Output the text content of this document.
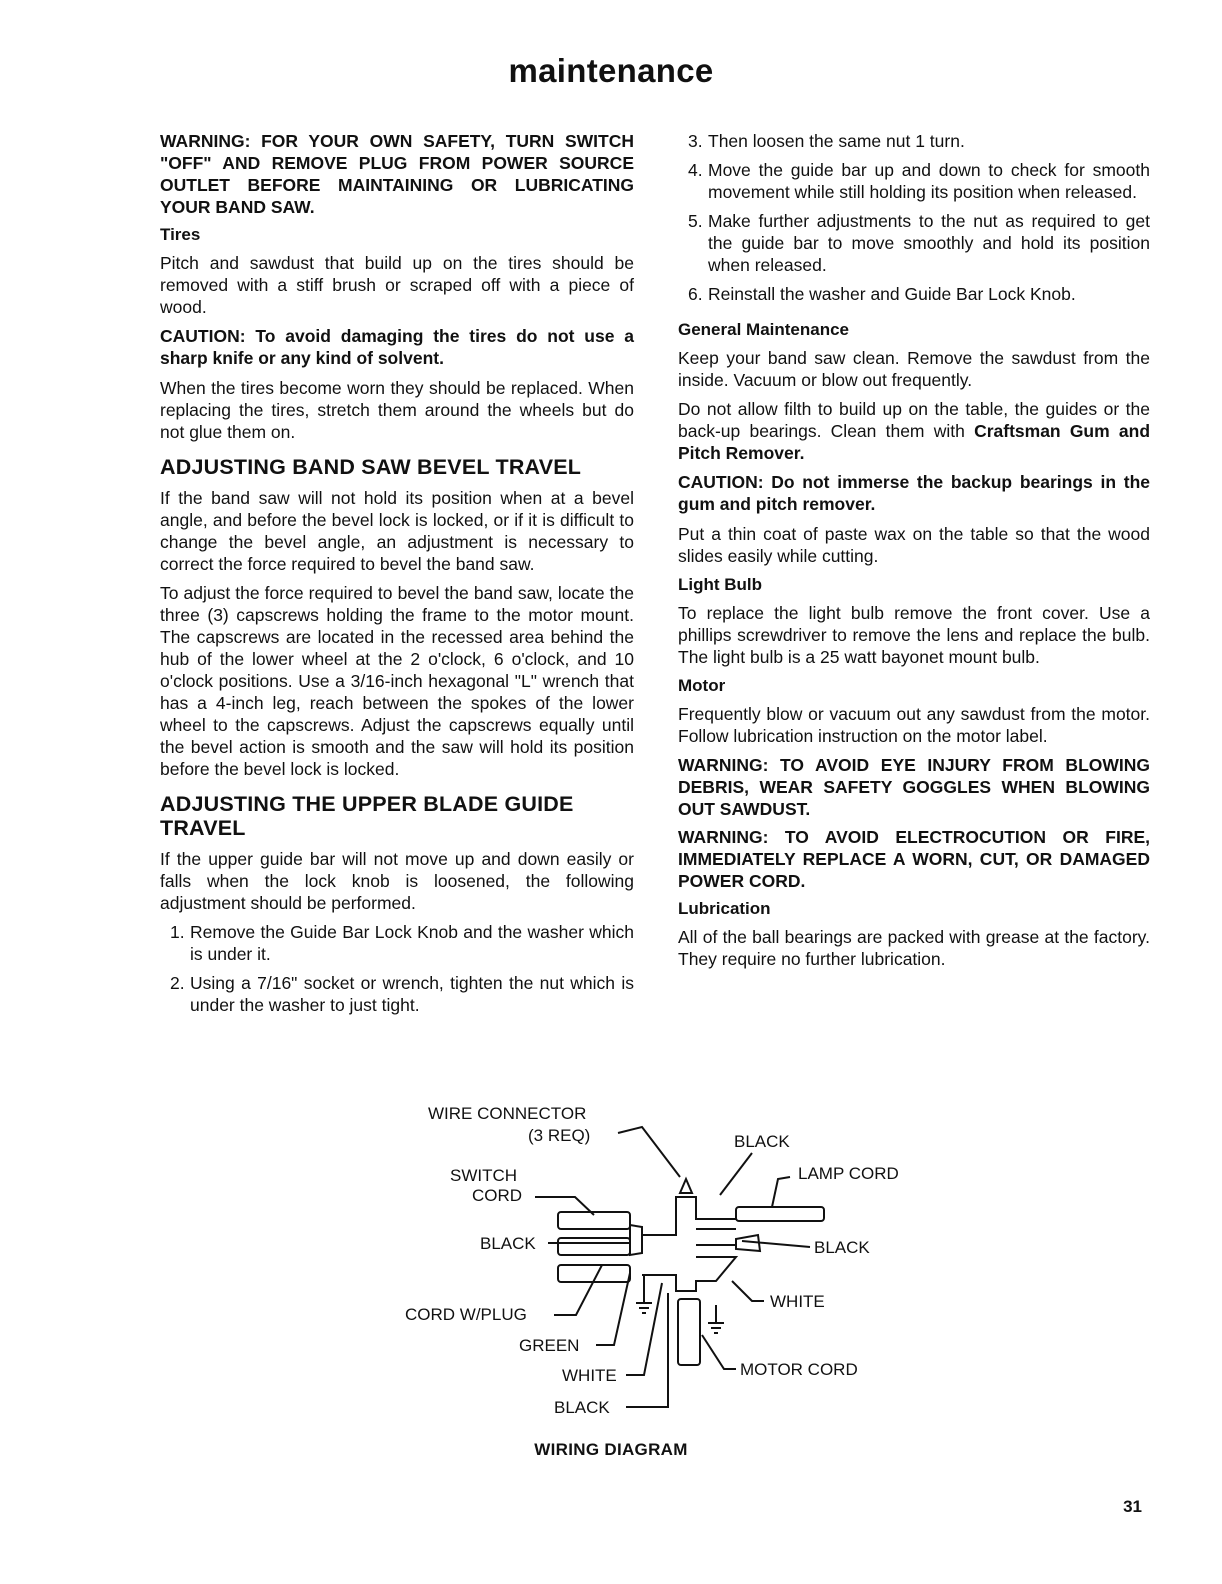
maintenance

WARNING: FOR YOUR OWN SAFETY, TURN SWITCH "OFF" AND REMOVE PLUG FROM POWER SOURCE OUTLET BEFORE MAINTAINING OR LUBRICATING YOUR BAND SAW.

Tires

Pitch and sawdust that build up on the tires should be removed with a stiff brush or scraped off with a piece of wood.

CAUTION: To avoid damaging the tires do not use a sharp knife or any kind of solvent.

When the tires become worn they should be replaced. When replacing the tires, stretch them around the wheels but do not glue them on.

ADJUSTING BAND SAW BEVEL TRAVEL

If the band saw will not hold its position when at a bevel angle, and before the bevel lock is locked, or if it is difficult to change the bevel angle, an adjustment is necessary to correct the force required to bevel the band saw.

To adjust the force required to bevel the band saw, locate the three (3) capscrews holding the frame to the motor mount. The capscrews are located in the recessed area behind the hub of the lower wheel at the 2 o'clock, 6 o'clock, and 10 o'clock positions. Use a 3/16-inch hexagonal "L" wrench that has a 4-inch leg, reach between the spokes of the lower wheel to the capscrews. Adjust the capscrews equally until the bevel action is smooth and the saw will hold its position before the bevel lock is locked.

ADJUSTING THE UPPER BLADE GUIDE TRAVEL

If the upper guide bar will not move up and down easily or falls when the lock knob is loosened, the following adjustment should be performed.

1. Remove the Guide Bar Lock Knob and the washer which is under it.
2. Using a 7/16" socket or wrench, tighten the nut which is under the washer to just tight.
3. Then loosen the same nut 1 turn.
4. Move the guide bar up and down to check for smooth movement while still holding its position when released.
5. Make further adjustments to the nut as required to get the guide bar to move smoothly and hold its position when released.
6. Reinstall the washer and Guide Bar Lock Knob.
General Maintenance

Keep your band saw clean. Remove the sawdust from the inside. Vacuum or blow out frequently.

Do not allow filth to build up on the table, the guides or the back-up bearings. Clean them with Craftsman Gum and Pitch Remover.

CAUTION: Do not immerse the backup bearings in the gum and pitch remover.

Put a thin coat of paste wax on the table so that the wood slides easily while cutting.

Light Bulb

To replace the light bulb remove the front cover. Use a phillips screwdriver to remove the lens and replace the bulb. The light bulb is a 25 watt bayonet mount bulb.

Motor

Frequently blow or vacuum out any sawdust from the motor. Follow lubrication instruction on the motor label.

WARNING: TO AVOID EYE INJURY FROM BLOWING DEBRIS, WEAR SAFETY GOGGLES WHEN BLOWING OUT SAWDUST.

WARNING: TO AVOID ELECTROCUTION OR FIRE, IMMEDIATELY REPLACE A WORN, CUT, OR DAMAGED POWER CORD.

Lubrication

All of the ball bearings are packed with grease at the factory. They require no further lubrication.

WIRE CONNECTOR
(3 REQ)
SWITCH
CORD
BLACK
CORD W/PLUG
GREEN
WHITE
BLACK
BLACK
LAMP CORD
BLACK
WHITE
MOTOR CORD
WIRING DIAGRAM
31
